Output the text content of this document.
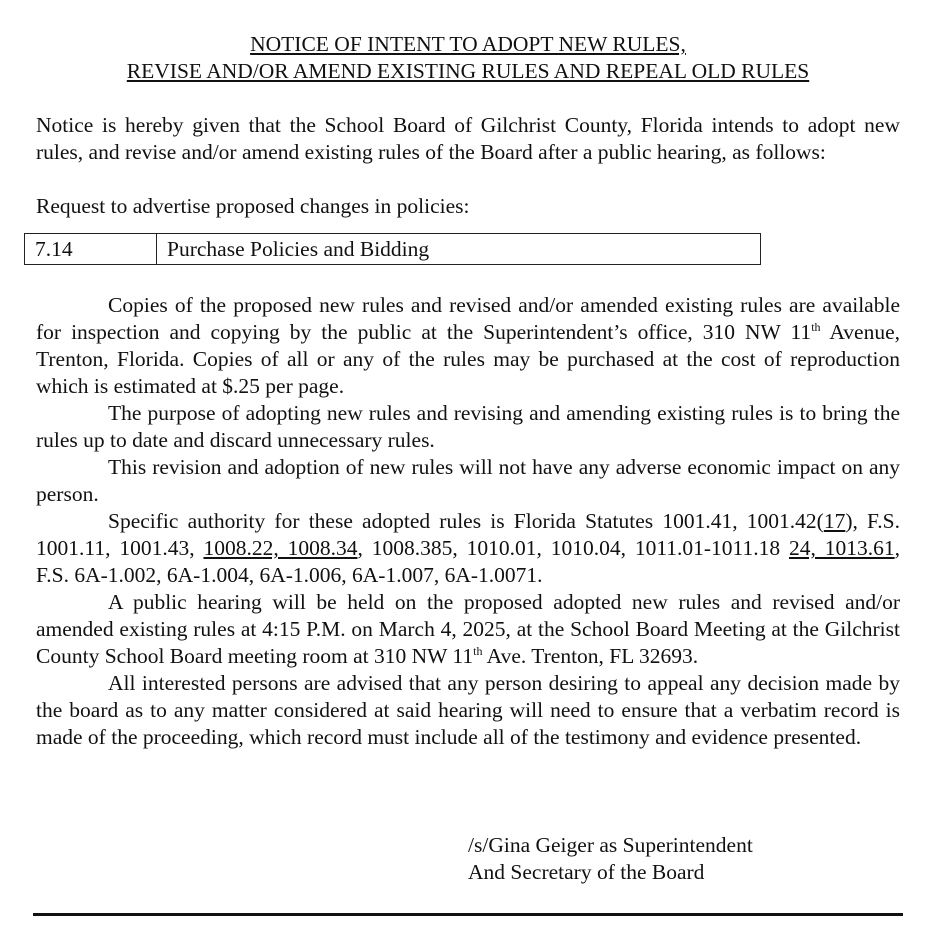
NOTICE OF INTENT TO ADOPT NEW RULES,
REVISE AND/OR AMEND EXISTING RULES AND REPEAL OLD RULES

Notice is hereby given that the School Board of Gilchrist County, Florida intends to adopt new rules, and revise and/or amend existing rules of the Board after a public hearing, as follows:

Request to advertise proposed changes in policies:

7.14	Purchase Policies and Bidding

Copies of the proposed new rules and revised and/or amended existing rules are available for inspection and copying by the public at the Superintendent’s office, 310 NW 11th Avenue, Trenton, Florida. Copies of all or any of the rules may be purchased at the cost of reproduction which is estimated at $.25 per page.

The purpose of adopting new rules and revising and amending existing rules is to bring the rules up to date and discard unnecessary rules.

This revision and adoption of new rules will not have any adverse economic impact on any person.

Specific authority for these adopted rules is Florida Statutes 1001.41, 1001.42(17), F.S. 1001.11, 1001.43, 1008.22, 1008.34, 1008.385, 1010.01, 1010.04, 1011.01-1011.18 24, 1013.61, F.S. 6A-1.002, 6A-1.004, 6A-1.006, 6A-1.007, 6A-1.0071.

A public hearing will be held on the proposed adopted new rules and revised and/or amended existing rules at 4:15 P.M. on March 4, 2025, at the School Board Meeting at the Gilchrist County School Board meeting room at 310 NW 11th Ave. Trenton, FL 32693.

All interested persons are advised that any person desiring to appeal any decision made by the board as to any matter considered at said hearing will need to ensure that a verbatim record is made of the proceeding, which record must include all of the testimony and evidence presented.

/s/Gina Geiger as Superintendent
And Secretary of the Board
